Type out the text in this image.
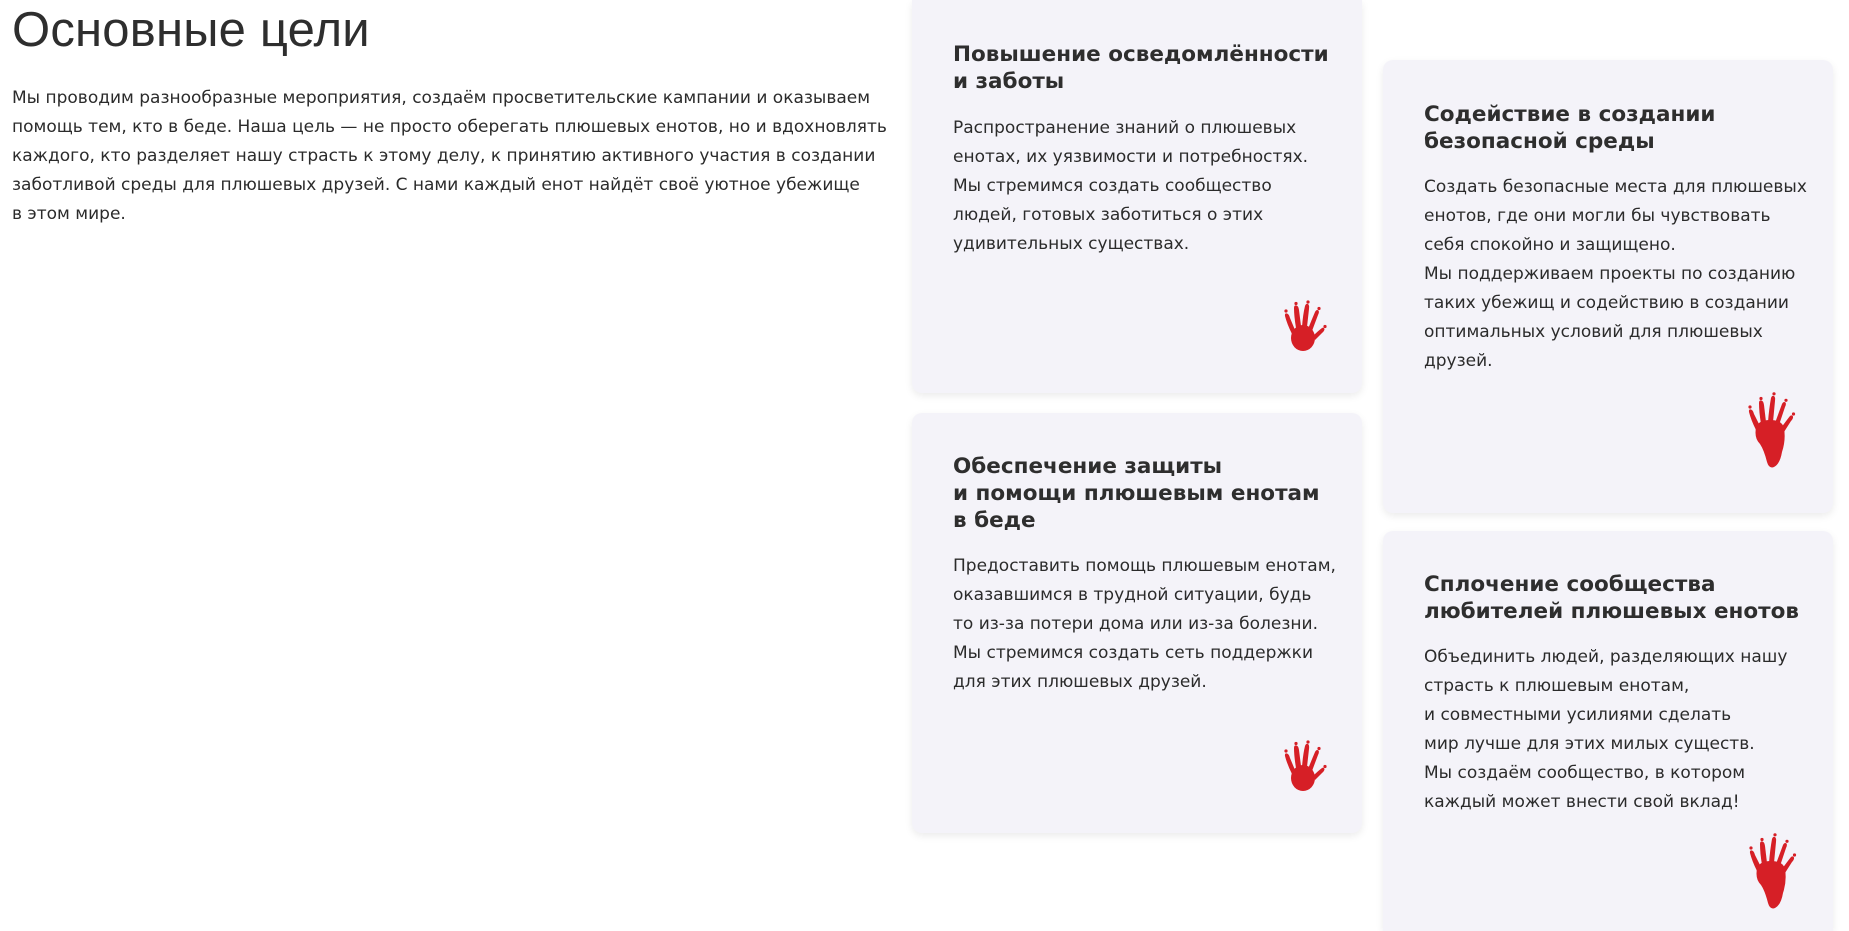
Основные цели
Мы проводим разнообразные мероприятия, создаём просветительские кампании и оказываем
помощь тем, кто в беде. Наша цель — не просто оберегать плюшевых енотов, но и вдохновлять
каждого, кто разделяет нашу страсть к этому делу, к принятию активного участия в создании
заботливой среды для плюшевых друзей. С нами каждый енот найдёт своё уютное убежище
в этом мире.
Повышение осведомлённости
и заботы
Распространение знаний о плюшевых
енотах, их уязвимости и потребностях.
Мы стремимся создать сообщество
людей, готовых заботиться о этих
удивительных существах.
Обеспечение защиты
и помощи плюшевым енотам
в беде
Предоставить помощь плюшевым енотам,
оказавшимся в трудной ситуации, будь
то из-за потери дома или из-за болезни.
Мы стремимся создать сеть поддержки
для этих плюшевых друзей.
Содействие в создании
безопасной среды
Создать безопасные места для плюшевых
енотов, где они могли бы чувствовать
себя спокойно и защищено.
Мы поддерживаем проекты по созданию
таких убежищ и содействию в создании
оптимальных условий для плюшевых
друзей.
Сплочение сообщества
любителей плюшевых енотов
Объединить людей, разделяющих нашу
страсть к плюшевым енотам,
и совместными усилиями сделать
мир лучше для этих милых существ.
Мы создаём сообщество, в котором
каждый может внести свой вклад!
